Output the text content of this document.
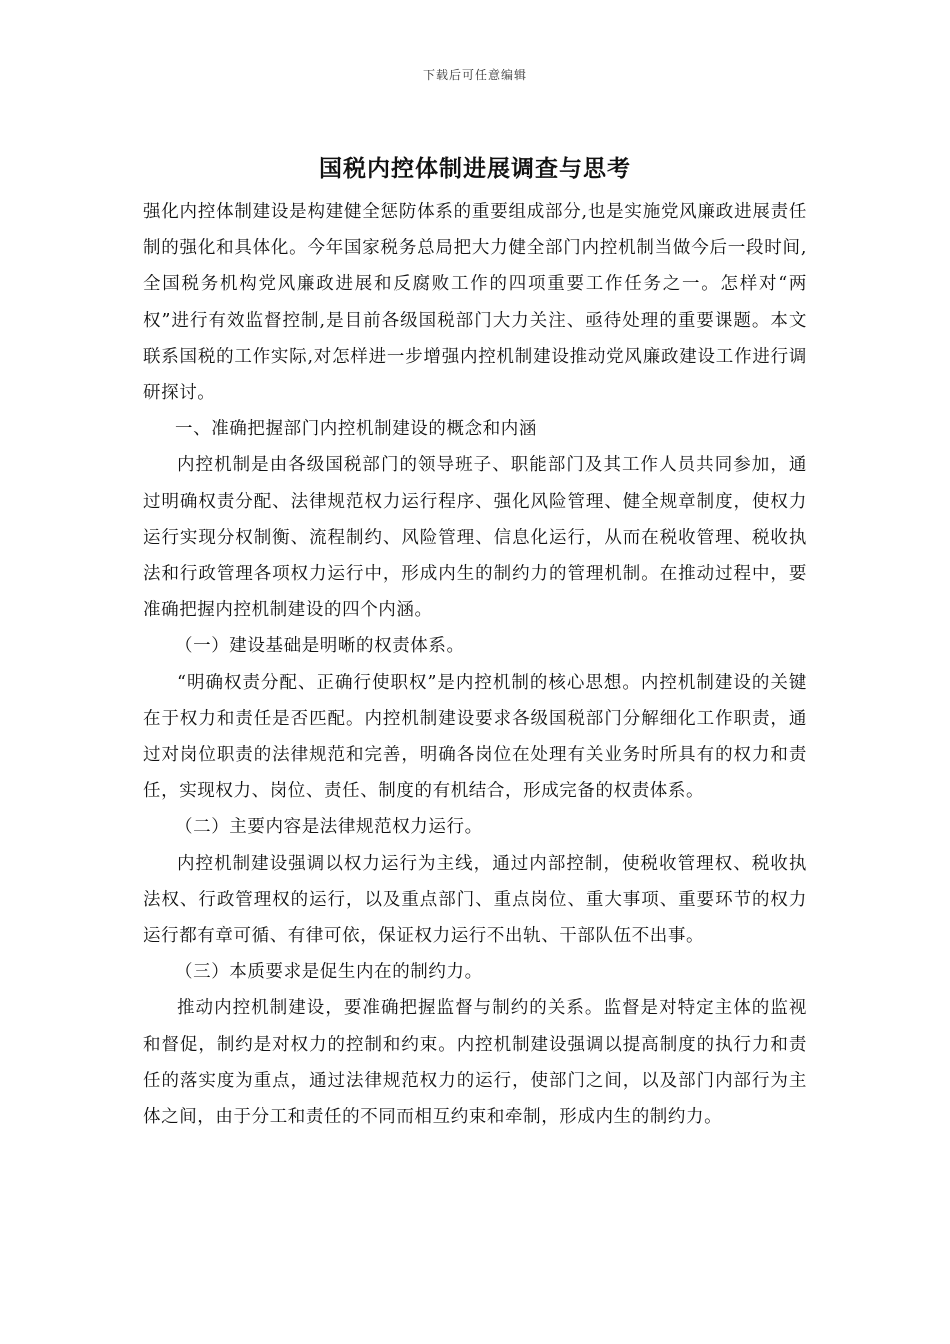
下载后可任意编辑
国税内控体制进展调查与思考

强化内控体制建设是构建健全惩防体系的重要组成部分,也是实施党风廉政进展责任制的强化和具体化。今年国家税务总局把大力健全部门内控机制当做今后一段时间,全国税务机构党风廉政进展和反腐败工作的四项重要工作任务之一。怎样对“两权”进行有效监督控制,是目前各级国税部门大力关注、亟待处理的重要课题。本文联系国税的工作实际,对怎样进一步增强内控机制建设推动党风廉政建设工作进行调研探讨。

一、准确把握部门内控机制建设的概念和内涵

内控机制是由各级国税部门的领导班子、职能部门及其工作人员共同参加，通过明确权责分配、法律规范权力运行程序、强化风险管理、健全规章制度，使权力运行实现分权制衡、流程制约、风险管理、信息化运行，从而在税收管理、税收执法和行政管理各项权力运行中，形成内生的制约力的管理机制。在推动过程中，要准确把握内控机制建设的四个内涵。

（一）建设基础是明晰的权责体系。

“明确权责分配、正确行使职权”是内控机制的核心思想。内控机制建设的关键在于权力和责任是否匹配。内控机制建设要求各级国税部门分解细化工作职责，通过对岗位职责的法律规范和完善，明确各岗位在处理有关业务时所具有的权力和责任，实现权力、岗位、责任、制度的有机结合，形成完备的权责体系。

（二）主要内容是法律规范权力运行。

内控机制建设强调以权力运行为主线，通过内部控制，使税收管理权、税收执法权、行政管理权的运行，以及重点部门、重点岗位、重大事项、重要环节的权力运行都有章可循、有律可依，保证权力运行不出轨、干部队伍不出事。

（三）本质要求是促生内在的制约力。

推动内控机制建设，要准确把握监督与制约的关系。监督是对特定主体的监视和督促，制约是对权力的控制和约束。内控机制建设强调以提高制度的执行力和责任的落实度为重点，通过法律规范权力的运行，使部门之间，以及部门内部行为主体之间，由于分工和责任的不同而相互约束和牵制，形成内生的制约力。
